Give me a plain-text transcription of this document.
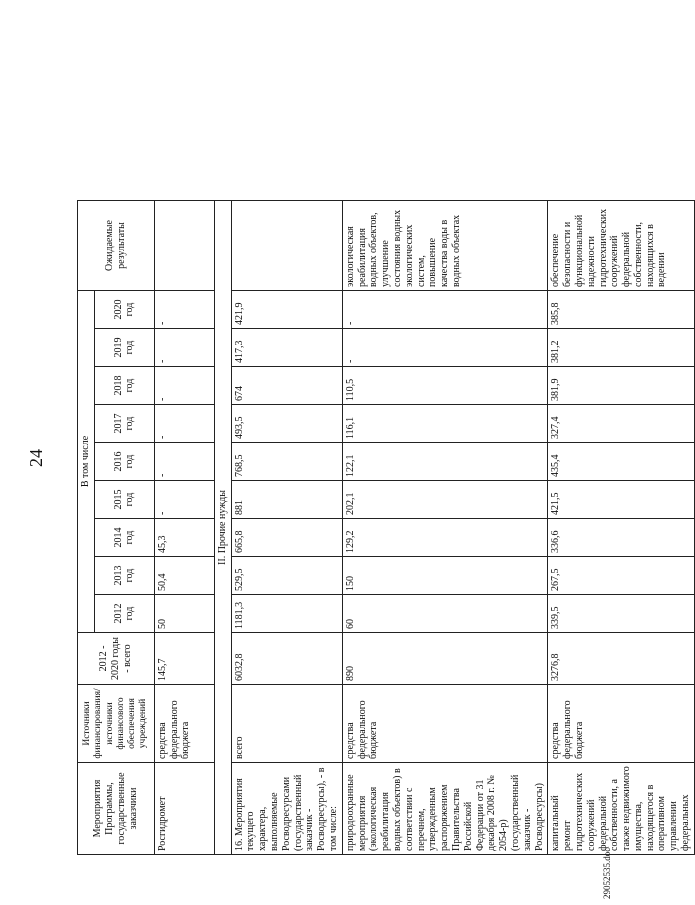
24
Мероприятия Программы, государственные заказчики	Источники финансирования/ источники финансового обеспечения учреждений	2012 - 2020 годы - всего	В том числе									Ожидаемые результаты
			2012 год	2013 год	2014 год	2015 год	2016 год	2017 год	2018 год	2019 год	2020 год	
Росгидромет	средства федерального бюджета	145,7	50	50,4	45,3	-	-	-	-	-	-	
II. Прочие нужды												
16. Мероприятия текущего характера, выполняемые Росводресурсами (государственный заказчик - Росводресурсы), - в том числе:	всего	6032,8	1181,3	529,5	665,8	881	768,5	493,5	674	417,3	421,9	
природоохранные мероприятия (экологическая реабилитация водных объектов) в соответствии с перечнем, утвержденным распоряжением Правительства Российской Федерации от 31 декабря 2008 г. № 2054-р) (государственный заказчик - Росводресурсы)	средства федерального бюджета	890	60	150	129,2	202,1	122,1	116,1	110,5	-	-	экологическая реабилитация водных объектов, улучшение состояния водных экологических систем, повышение качества воды в водных объектах
капитальный ремонт гидротехнических сооружений федеральной собственности, а также недвижимого имущества, находящегося в оперативном управлении федеральных	средства федерального бюджета	3276,8	339,5	267,5	336,6	421,5	435,4	327,4	381,9	381,2	385,8	обеспечение безопасности и функциональной надежности гидротехнических сооружений федеральной собственности, находящихся в ведении
29052535.doc
